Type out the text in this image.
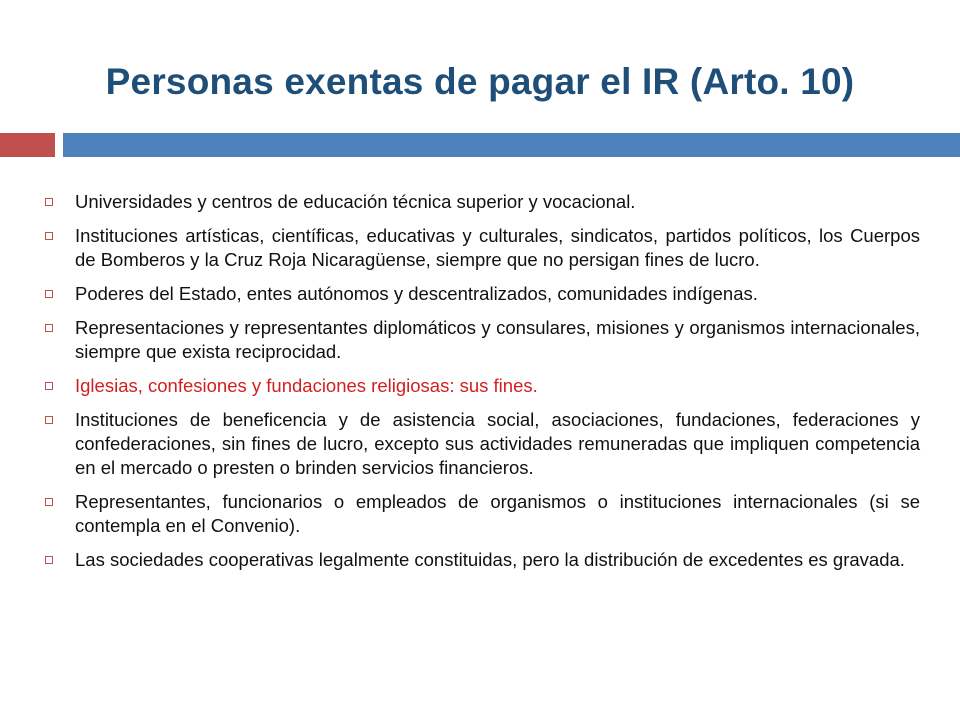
Personas exentas de pagar el IR (Arto. 10)
Universidades y centros de educación técnica superior y vocacional.
Instituciones artísticas, científicas, educativas y culturales, sindicatos, partidos políticos, los Cuerpos de Bomberos y la Cruz Roja Nicaragüense, siempre que no persigan fines de lucro.
Poderes del Estado, entes autónomos y descentralizados, comunidades indígenas.
Representaciones y representantes diplomáticos y consulares, misiones y organismos internacionales, siempre que exista reciprocidad.
Iglesias, confesiones y fundaciones religiosas: sus fines.
Instituciones de beneficencia y de asistencia social, asociaciones, fundaciones, federaciones y confederaciones, sin fines de lucro, excepto sus actividades remuneradas que impliquen competencia en el mercado o presten o brinden servicios financieros.
Representantes, funcionarios o empleados de organismos o instituciones internacionales (si se contempla en el Convenio).
Las sociedades cooperativas legalmente constituidas, pero la distribución de excedentes es gravada.
